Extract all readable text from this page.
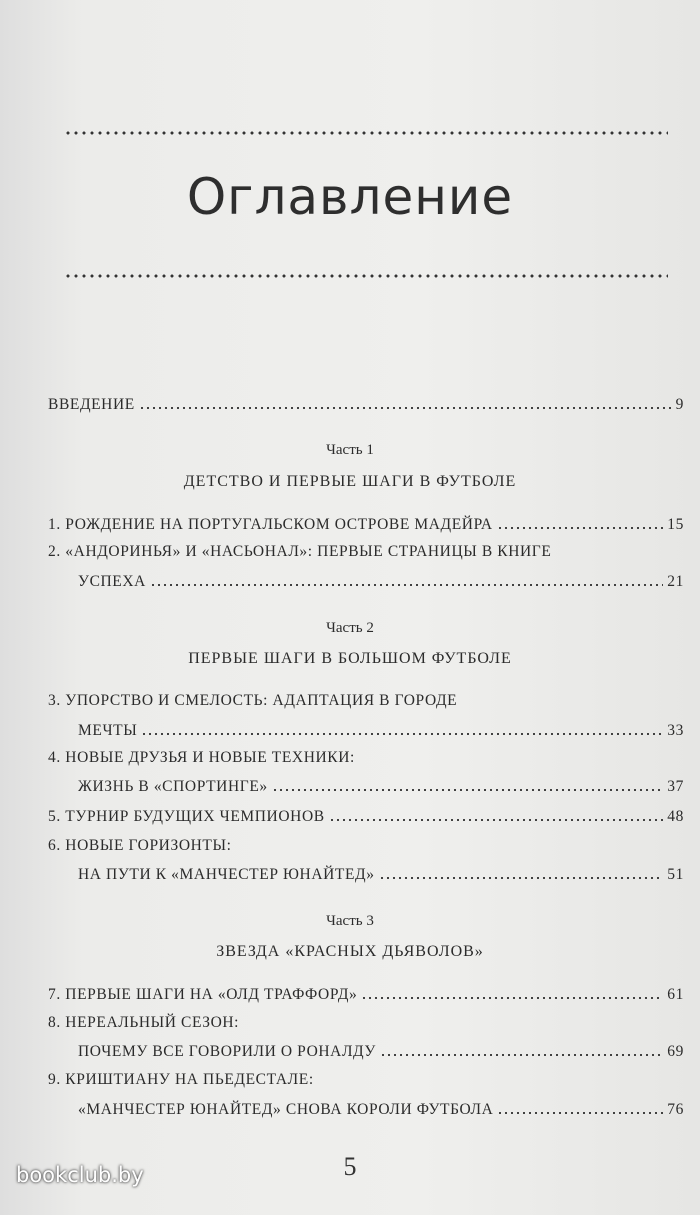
Оглавление
ВВЕДЕНИЕ	9
Часть 1
ДЕТСТВО И ПЕРВЫЕ ШАГИ В ФУТБОЛЕ
1. РОЖДЕНИЕ НА ПОРТУГАЛЬСКОМ ОСТРОВЕ МАДЕЙРА	15
2. «АНДОРИНЬЯ» И «НАСЬОНАЛ»: ПЕРВЫЕ СТРАНИЦЫ В КНИГЕ
УСПЕХА	21
Часть 2
ПЕРВЫЕ ШАГИ В БОЛЬШОМ ФУТБОЛЕ
3. УПОРСТВО И СМЕЛОСТЬ: АДАПТАЦИЯ В ГОРОДЕ
МЕЧТЫ	33
4. НОВЫЕ ДРУЗЬЯ И НОВЫЕ ТЕХНИКИ:
ЖИЗНЬ В «СПОРТИНГЕ»	37
5. ТУРНИР БУДУЩИХ ЧЕМПИОНОВ	48
6. НОВЫЕ ГОРИЗОНТЫ:
НА ПУТИ К «МАНЧЕСТЕР ЮНАЙТЕД»	51
Часть 3
ЗВЕЗДА «КРАСНЫХ ДЬЯВОЛОВ»
7. ПЕРВЫЕ ШАГИ НА «ОЛД ТРАФФОРД»	61
8. НЕРЕАЛЬНЫЙ СЕЗОН:
ПОЧЕМУ ВСЕ ГОВОРИЛИ О РОНАЛДУ	69
9. КРИШТИАНУ НА ПЬЕДЕСТАЛЕ:
«МАНЧЕСТЕР ЮНАЙТЕД» СНОВА КОРОЛИ ФУТБОЛА	76
5
bookclub.by
